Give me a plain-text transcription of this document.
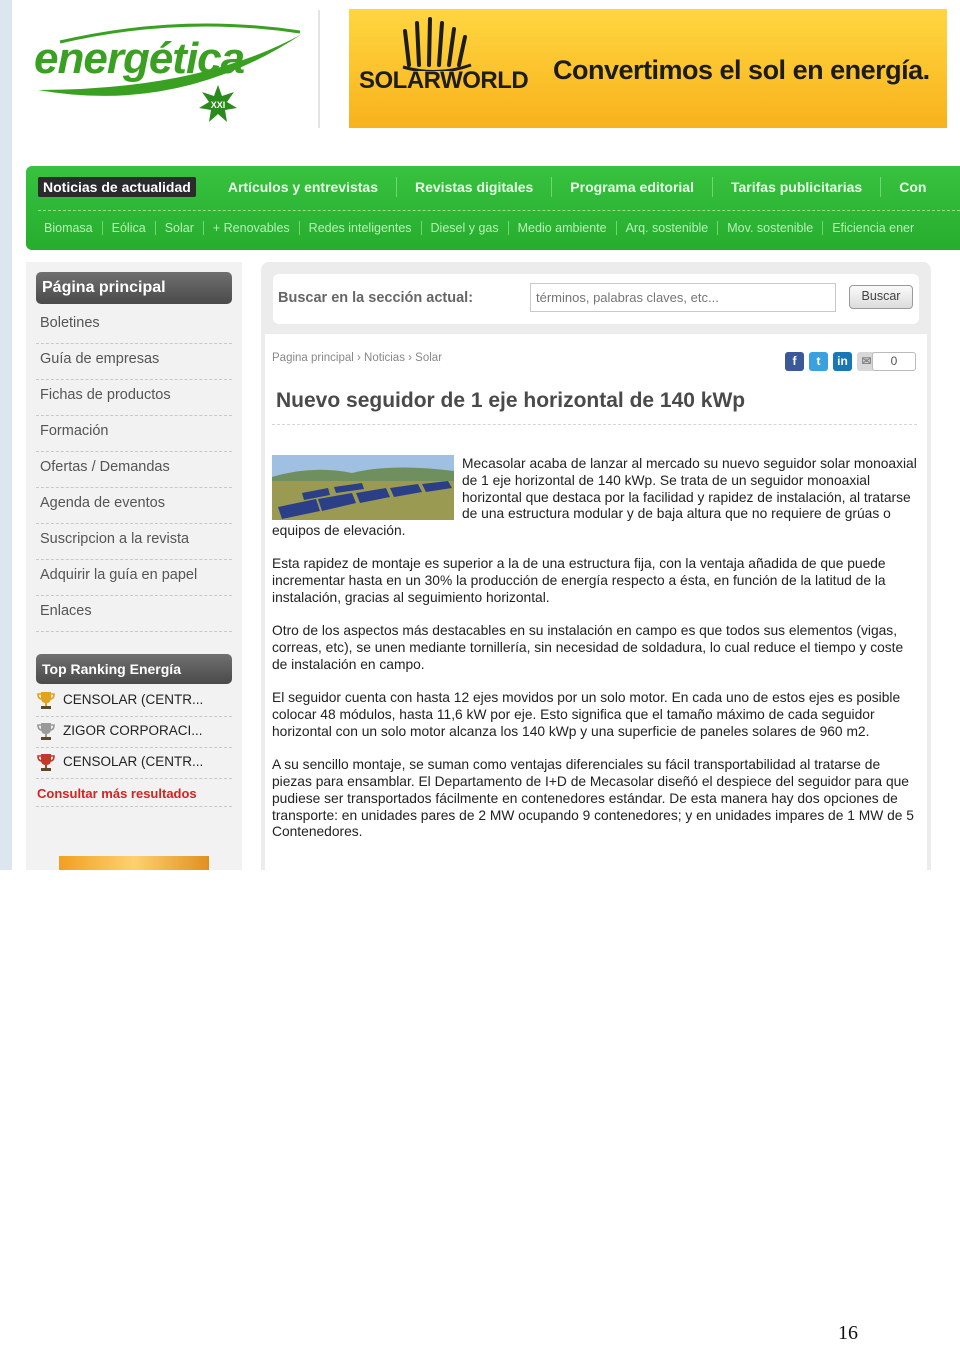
energética
XXI
SOLARWORLD Convertimos el sol en energía.
Noticias de actualidad	Artículos y entrevistas	Revistas digitales	Programa editorial	Tarifas publicitarias	Con
Biomasa	Eólica	Solar	+ Renovables	Redes inteligentes	Diesel y gas	Medio ambiente	Arq. sostenible	Mov. sostenible	Eficiencia ener
Página principal
Boletines
Guía de empresas
Fichas de productos
Formación
Ofertas / Demandas
Agenda de eventos
Suscripcion a la revista
Adquirir la guía en papel
Enlaces
Top Ranking Energía
CENSOLAR (CENTR...
ZIGOR CORPORACI...
CENSOLAR (CENTR...
Consultar más resultados
Buscar en la sección actual:
términos, palabras claves, etc...	Buscar
Pagina principal › Noticias › Solar	f	t	in	✉	0
Nuevo seguidor de 1 eje horizontal de 140 kWp

Mecasolar acaba de lanzar al mercado su nuevo seguidor solar monoaxial de 1 eje horizontal de 140 kWp. Se trata de un seguidor monoaxial horizontal que destaca por la facilidad y rapidez de instalación, al tratarse de una estructura modular y de baja altura que no requiere de grúas o equipos de elevación.

Esta rapidez de montaje es superior a la de una estructura fija, con la ventaja añadida de que puede incrementar hasta en un 30% la producción de energía respecto a ésta, en función de la latitud de la instalación, gracias al seguimiento horizontal.

Otro de los aspectos más destacables en su instalación en campo es que todos sus elementos (vigas, correas, etc), se unen mediante tornillería, sin necesidad de soldadura, lo cual reduce el tiempo y coste de instalación en campo.

El seguidor cuenta con hasta 12 ejes movidos por un solo motor. En cada uno de estos ejes es posible colocar 48 módulos, hasta 11,6 kW por eje. Esto significa que el tamaño máximo de cada seguidor horizontal con un solo motor alcanza los 140 kWp y una superficie de paneles solares de 960 m2.

A su sencillo montaje, se suman como ventajas diferenciales su fácil transportabilidad al tratarse de piezas para ensamblar. El Departamento de I+D de Mecasolar diseñó el despiece del seguidor para que pudiese ser transportados fácilmente en contenedores estándar. De esta manera hay dos opciones de transporte: en unidades pares de 2 MW ocupando 9 contenedores; y en unidades impares de 1 MW de 5 Contenedores.

16
